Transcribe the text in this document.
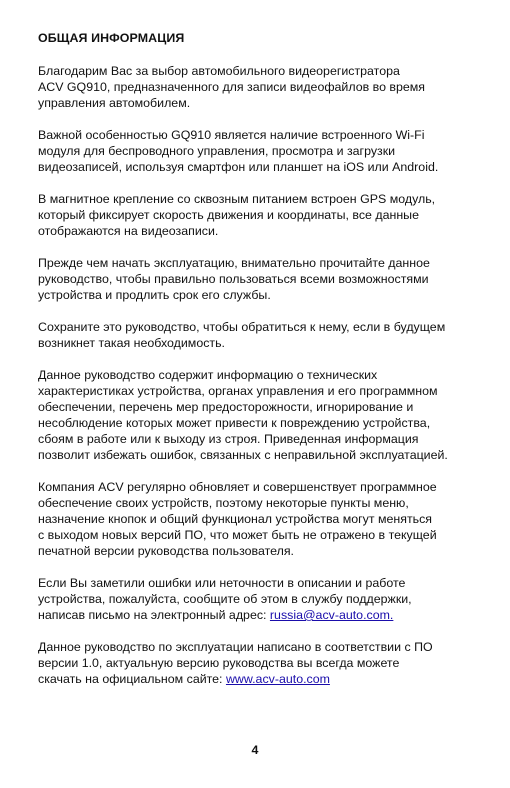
ОБЩАЯ ИНФОРМАЦИЯ
Благодарим Вас за выбор автомобильного видеорегистратора
ACV GQ910, предназначенного для записи видеофайлов во время
управления автомобилем.
Важной особенностью GQ910 является наличие встроенного Wi-Fi
модуля для беспроводного управления, просмотра и загрузки
видеозаписей, используя смартфон или планшет на iOS или Android.
В магнитное крепление со сквозным питанием встроен GPS модуль,
который фиксирует скорость движения и координаты, все данные
отображаются на видеозаписи.
Прежде чем начать эксплуатацию, внимательно прочитайте данное
руководство, чтобы правильно пользоваться всеми возможностями
устройства и продлить срок его службы.
Сохраните это руководство, чтобы обратиться к нему, если в будущем
возникнет такая необходимость.
Данное руководство содержит информацию о технических
характеристиках устройства, органах управления и его программном
обеспечении, перечень мер предосторожности, игнорирование и
несоблюдение которых может привести к повреждению устройства,
сбоям в работе или к выходу из строя. Приведенная информация
позволит избежать ошибок, связанных с неправильной эксплуатацией.
Компания ACV регулярно обновляет и совершенствует программное
обеспечение своих устройств, поэтому некоторые пункты меню,
назначение кнопок и общий функционал устройства могут меняться
с выходом новых версий ПО, что может быть не отражено в текущей
печатной версии руководства пользователя.
Если Вы заметили ошибки или неточности в описании и работе
устройства, пожалуйста, сообщите об этом в службу поддержки,
написав письмо на электронный адрес: russia@acv-auto.com.
Данное руководство по эксплуатации написано в соответствии с ПО
версии 1.0, актуальную версию руководства вы всегда можете
скачать на официальном сайте: www.acv-auto.com
4
